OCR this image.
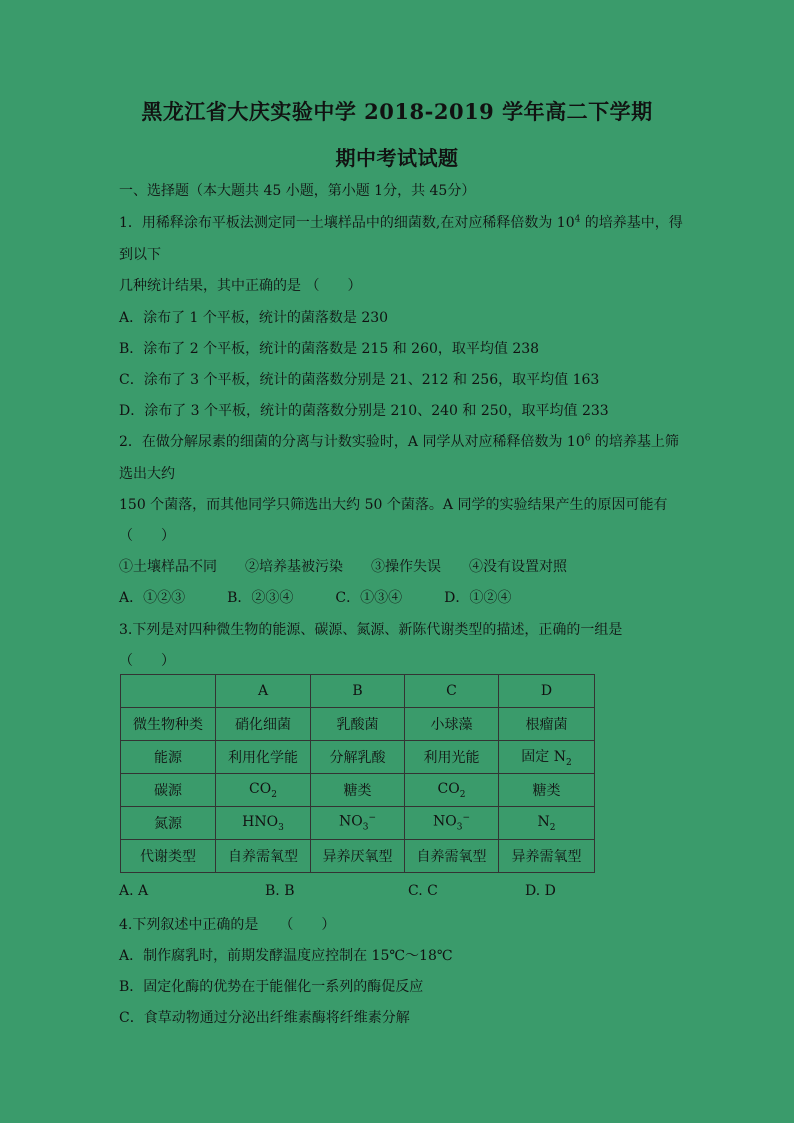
黑龙江省大庆实验中学 2018-2019 学年高二下学期
期中考试试题
一、选择题（本大题共 45 小题，第小题 1分，共 45分）
1．用稀释涂布平板法测定同一土壤样品中的细菌数,在对应稀释倍数为 $10^4$ 的培养基中，得
到以下
几种统计结果，其中正确的是 （　　）
A．涂布了 1 个平板，统计的菌落数是 230
B．涂布了 2 个平板，统计的菌落数是 215 和 260，取平均值 238
C．涂布了 3 个平板，统计的菌落数分别是 21、212 和 256，取平均值 163
D．涂布了 3 个平板，统计的菌落数分别是 210、240 和 250，取平均值 233
2．在做分解尿素的细菌的分离与计数实验时，A 同学从对应稀释倍数为 $10^6$ 的培养基上筛
选出大约
150 个菌落，而其他同学只筛选出大约 50 个菌落。A 同学的实验结果产生的原因可能有
（　　）
①土壤样品不同　　②培养基被污染　　③操作失误　　④没有设置对照
A．①②③　　　B．②③④　　　C．①③④　　　D．①②④
3.下列是对四种微生物的能源、碳源、氮源、新陈代谢类型的描述，正确的一组是
（　　）
	A	B	C	D
微生物种类	硝化细菌	乳酸菌	小球藻	根瘤菌
能源	利用化学能	分解乳酸	利用光能	固定 $N_2$
碳源	$CO_2$	糖类	$CO_2$	糖类
氮源	$HNO_3$	$NO_3^-$	$NO_3^-$	$N_2$
代谢类型	自养需氧型	异养厌氧型	自养需氧型	异养需氧型
A. A	B. B	C. C	D. D
4.下列叙述中正确的是　　（　　）
A．制作腐乳时，前期发酵温度应控制在 15℃～18℃
B．固定化酶的优势在于能催化一系列的酶促反应
C．食草动物通过分泌出纤维素酶将纤维素分解
